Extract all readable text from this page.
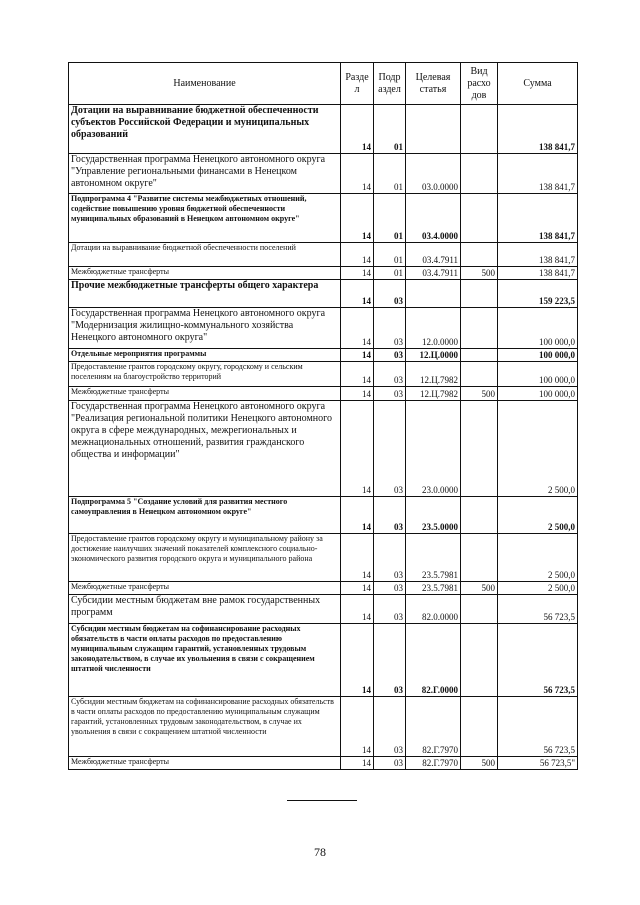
Наименование	Разде л	Подр аздел	Целевая статья	Вид расхо дов	Сумма
Дотации на выравнивание бюджетной обеспеченности субъектов Российской Федерации и муниципальных образований	14	01			138 841,7
Государственная программа Ненецкого автономного округа "Управление региональными финансами в Ненецком автономном округе"	14	01	03.0.0000		138 841,7
Подпрограмма 4 "Развитие системы межбюджетных отношений, содействие повышению уровня бюджетной обеспеченности муниципальных образований в Ненецком автономном округе"	14	01	03.4.0000		138 841,7
Дотации на выравнивание бюджетной обеспеченности поселений	14	01	03.4.7911		138 841,7
Межбюджетные трансферты	14	01	03.4.7911	500	138 841,7
Прочие межбюджетные трансферты общего характера	14	03			159 223,5
Государственная программа Ненецкого автономного округа "Модернизация жилищно-коммунального хозяйства Ненецкого автономного округа"	14	03	12.0.0000		100 000,0
Отдельные мероприятия программы	14	03	12.Ц.0000		100 000,0
Предоставление грантов городскому округу, городскому и сельским поселениям на благоустройство территорий	14	03	12.Ц.7982		100 000,0
Межбюджетные трансферты	14	03	12.Ц.7982	500	100 000,0
Государственная программа Ненецкого автономного округа "Реализация региональной политики Ненецкого автономного округа в сфере международных, межрегиональных и межнациональных отношений, развития гражданского общества и информации"	14	03	23.0.0000		2 500,0
Подпрограмма 5 "Создание условий для развития местного самоуправления в Ненецком автономном округе"	14	03	23.5.0000		2 500,0
Предоставление грантов городскому округу и муниципальному району за достижение наилучших значений показателей комплексного социально-экономического развития городского округа и муниципального района	14	03	23.5.7981		2 500,0
Межбюджетные трансферты	14	03	23.5.7981	500	2 500,0
Субсидии местным бюджетам вне рамок государственных программ	14	03	82.0.0000		56 723,5
Субсидии местным бюджетам на софинансирование расходных обязательств в части оплаты расходов по предоставлению муниципальным служащим гарантий, установленных трудовым законодательством, в случае их увольнения в связи с сокращением штатной численности	14	03	82.Г.0000		56 723,5
Субсидии местным бюджетам на софинансирование расходных обязательств в части оплаты расходов по предоставлению муниципальным служащим гарантий, установленных трудовым законодательством, в случае их увольнения в связи с сокращением штатной численности	14	03	82.Г.7970		56 723,5
Межбюджетные трансферты	14	03	82.Г.7970	500	56 723,5"
78
